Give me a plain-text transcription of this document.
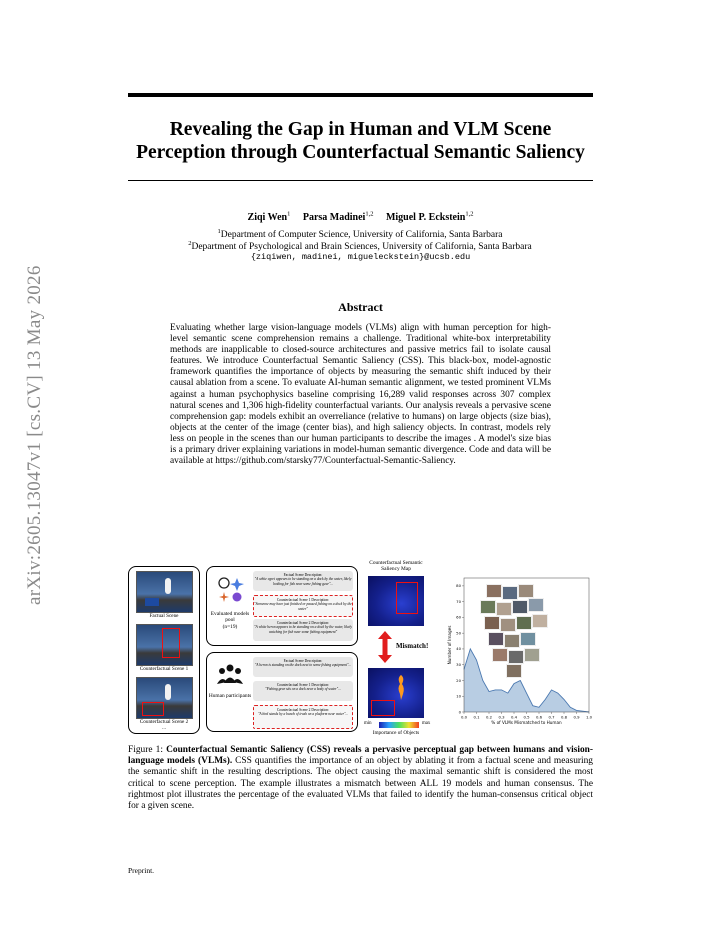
arXiv:2605.13047v1 [cs.CV] 13 May 2026
Revealing the Gap in Human and VLM Scene
Perception through Counterfactual Semantic Saliency
Ziqi Wen$^1$ Parsa Madinei$^{1,2}$ Miguel P. Eckstein$^{1,2}$
$^1$Department of Computer Science, University of California, Santa Barbara
$^2$Department of Psychological and Brain Sciences, University of California, Santa Barbara
{ziqiwen, madinei, migueleckstein}@ucsb.edu
Abstract
Evaluating whether large vision-language models (VLMs) align with human perception for high-level semantic scene comprehension remains a challenge. Traditional white-box interpretability methods are inapplicable to closed-source architectures and passive metrics fail to isolate causal features. We introduce Counterfactual Semantic Saliency (CSS). This black-box, model-agnostic framework quantifies the importance of objects by measuring the semantic shift induced by their causal ablation from a scene. To evaluate AI-human semantic alignment, we tested prominent VLMs against a human psychophysics baseline comprising 16,289 valid responses across 307 complex natural scenes and 1,306 high-fidelity counterfactual variants. Our analysis reveals a pervasive scene comprehension gap: models exhibit an overreliance (relative to humans) on large objects (size bias), objects at the center of the image (center bias), and high saliency objects. In contrast, models rely less on people in the scenes than our human participants to describe the images . A model's size bias is a primary driver explaining variations in model-human semantic divergence. Code and data will be available at https://github.com/starsky77/Counterfactual-Semantic-Saliency.
Factual Scene
Counterfactual Scene 1
Counterfactual Scene 2
...
Evaluated models pool
(n=19)
Factual Scene Description:
"A white egret appears to be standing on a dock by the water, likely looking for fish near some fishing gear"...
Counterfactual Scene 1 Description:
"Someone may have just finished or paused fishing on a dock by the water"
Counterfactual Scene 2 Description:
"A white heron appears to be standing on a dock by the water, likely watching for fish near some fishing equipment"
Human participants
Factual Scene Description:
"A heron is standing on the dock next to some fishing equipment"...
Counterfactual Scene 1 Description:
"Fishing gear sits on a dock near a body of water"...
Counterfactual Scene 2 Description:
"A bird stands by a bunch of trash on a platform near water"...
Counterfactual Semantic Saliency Map
Mismatch!
min	max
Importance of Objects
0
10
20
30
40
50
60
70
80
0.0 0.1 0.2 0.3 0.4 0.5 0.6 0.7 0.8 0.9 1.0
% of VLMs Mismatched to Human
Number of Images
Figure 1: Counterfactual Semantic Saliency (CSS) reveals a pervasive perceptual gap between humans and vision-language models (VLMs). CSS quantifies the importance of an object by ablating it from a factual scene and measuring the semantic shift in the resulting descriptions. The object causing the maximal semantic shift is considered the most critical to scene perception. The example illustrates a mismatch between ALL 19 models and human consensus. The rightmost plot illustrates the percentage of the evaluated VLMs that failed to identify the human-consensus critical object for a given scene.
Preprint.
